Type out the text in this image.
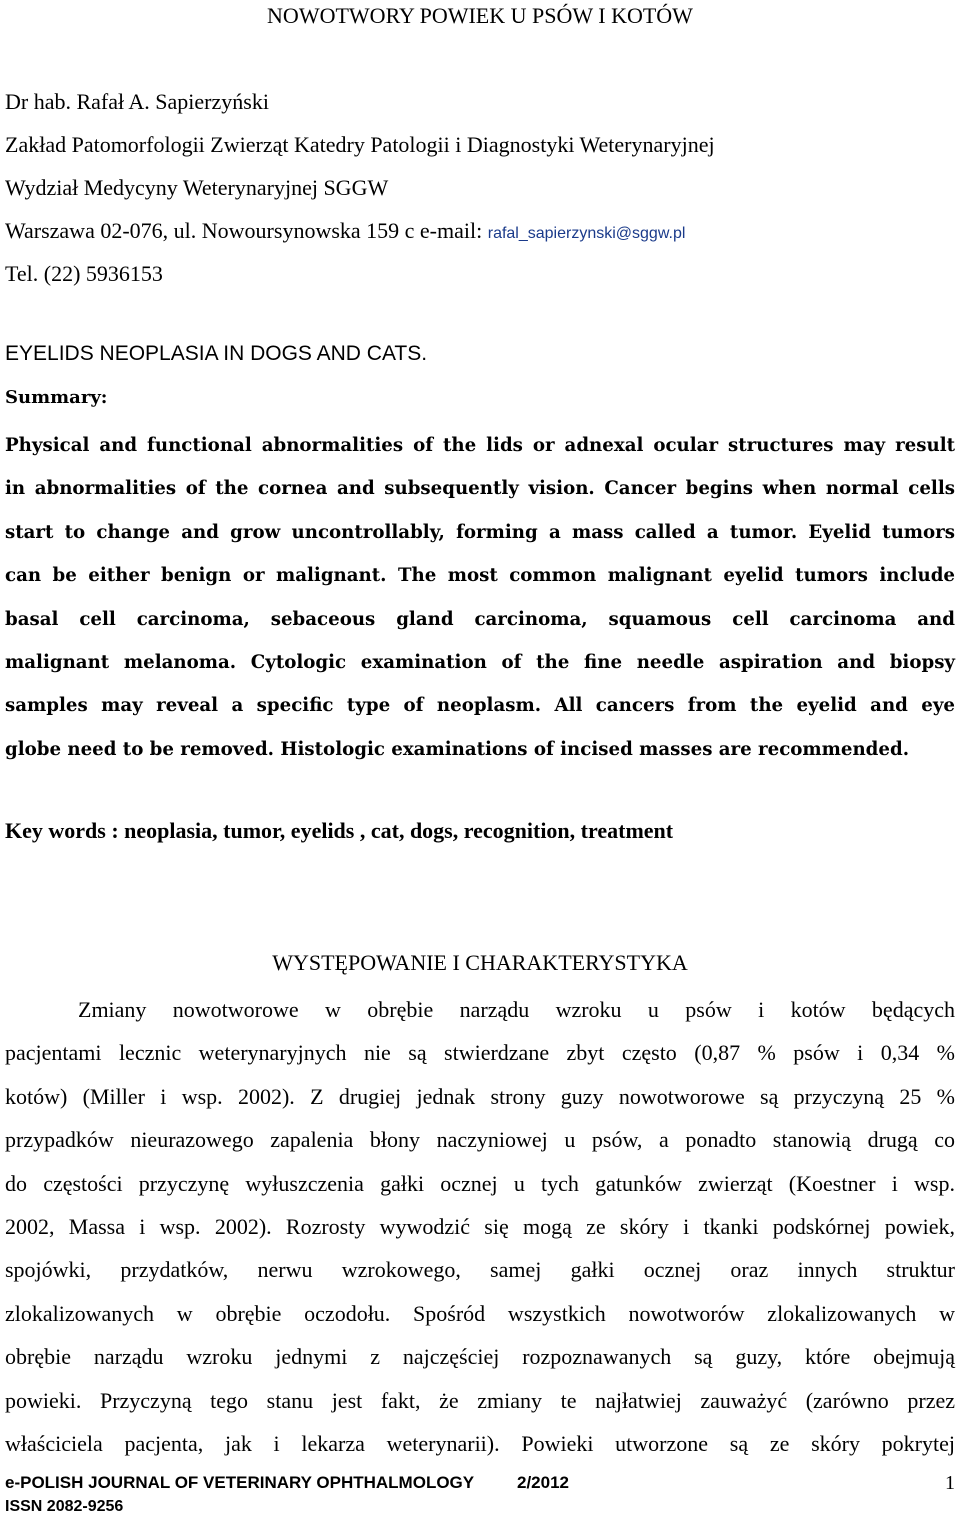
NOWOTWORY POWIEK U PSÓW I KOTÓW
Dr hab. Rafał A. Sapierzyński
Zakład Patomorfologii Zwierząt Katedry Patologii i Diagnostyki Weterynaryjnej
Wydział Medycyny Weterynaryjnej SGGW
Warszawa 02-076, ul. Nowoursynowska 159 c e-mail: rafal_sapierzynski@sggw.pl
Tel. (22) 5936153
EYELIDS NEOPLASIA IN DOGS AND CATS.
Summary:
Physical and functional abnormalities of the lids or adnexal ocular structures may result
in abnormalities of the cornea and subsequently vision. Cancer begins when normal cells
start to change and grow uncontrollably, forming a mass called a tumor. Eyelid tumors
can be either benign or malignant. The most common malignant eyelid tumors include
basal cell carcinoma, sebaceous gland carcinoma, squamous cell carcinoma and
malignant melanoma. Cytologic examination of the fine needle aspiration and biopsy
samples may reveal a specific type of neoplasm. All cancers from the eyelid and eye
globe need to be removed. Histologic examinations of incised masses are recommended.
Key words : neoplasia, tumor, eyelids , cat, dogs, recognition, treatment
WYSTĘPOWANIE I CHARAKTERYSTYKA
Zmiany nowotworowe w obrębie narządu wzroku u psów i kotów będących
pacjentami lecznic weterynaryjnych nie są stwierdzane zbyt często (0,87 % psów i 0,34 %
kotów) (Miller i wsp. 2002). Z drugiej jednak strony guzy nowotworowe są przyczyną 25 %
przypadków nieurazowego zapalenia błony naczyniowej u psów, a ponadto stanowią drugą co
do częstości przyczynę wyłuszczenia gałki ocznej u tych gatunków zwierząt (Koestner i wsp.
2002, Massa i wsp. 2002). Rozrosty wywodzić się mogą ze skóry i tkanki podskórnej powiek,
spojówki, przydatków, nerwu wzrokowego, samej gałki ocznej oraz innych struktur
zlokalizowanych w obrębie oczodołu. Spośród wszystkich nowotworów zlokalizowanych w
obrębie narządu wzroku jednymi z najczęściej rozpoznawanych są guzy, które obejmują
powieki. Przyczyną tego stanu jest fakt, że zmiany te najłatwiej zauważyć (zarówno przez
właściciela pacjenta, jak i lekarza weterynarii). Powieki utworzone są ze skóry pokrytej
e-POLISH JOURNAL OF VETERINARY OPHTHALMOLOGY	2/2012	1
ISSN 2082-9256
